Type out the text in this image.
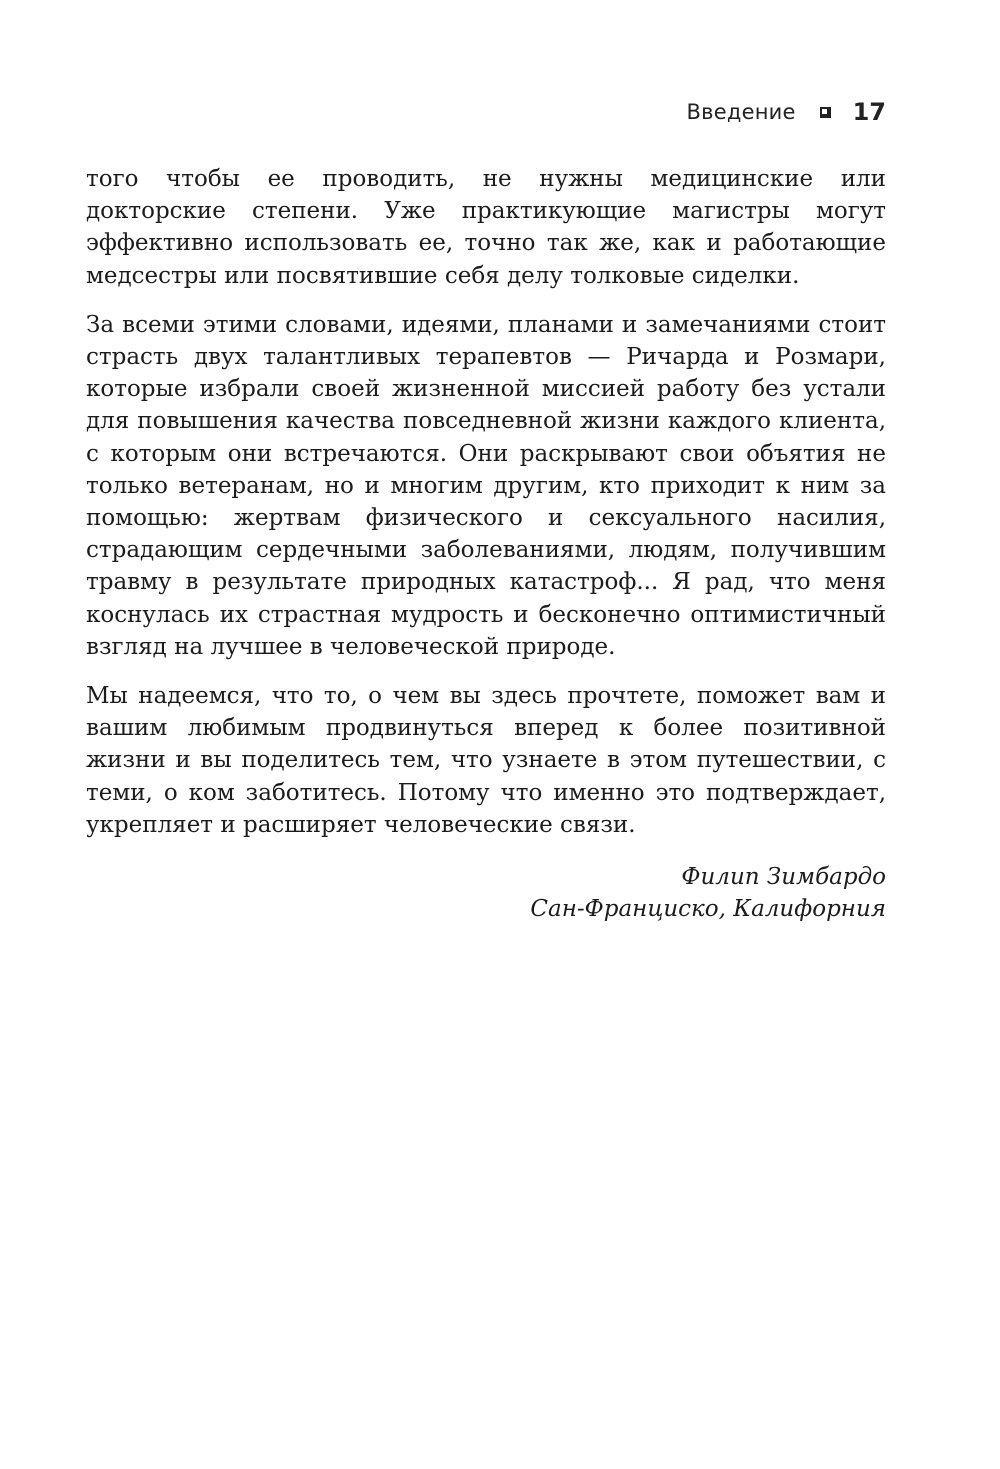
Введение 17

того чтобы ее проводить, не нужны медицинские или докторские степени. Уже практикующие магистры могут эффективно использовать ее, точно так же, как и работающие медсестры или посвятившие себя делу толковые сиделки.

За всеми этими словами, идеями, планами и замечаниями стоит страсть двух талантливых терапевтов — Ричарда и Розмари, которые избрали своей жизненной миссией работу без устали для повышения качества повседневной жизни каждого клиента, с которым они встречаются. Они раскрывают свои объятия не только ветеранам, но и многим другим, кто приходит к ним за помощью: жертвам физического и сексуального насилия, страдающим сердечными заболеваниями, людям, получившим травму в результате природных катастроф... Я рад, что меня коснулась их страстная мудрость и бесконечно оптимистичный взгляд на лучшее в человеческой природе.

Мы надеемся, что то, о чем вы здесь прочтете, поможет вам и вашим любимым продвинуться вперед к более позитивной жизни и вы поделитесь тем, что узнаете в этом путешествии, с теми, о ком заботитесь. Потому что именно это подтверждает, укрепляет и расширяет человеческие связи.

Филип Зимбардо
Сан-Франциско, Калифорния
